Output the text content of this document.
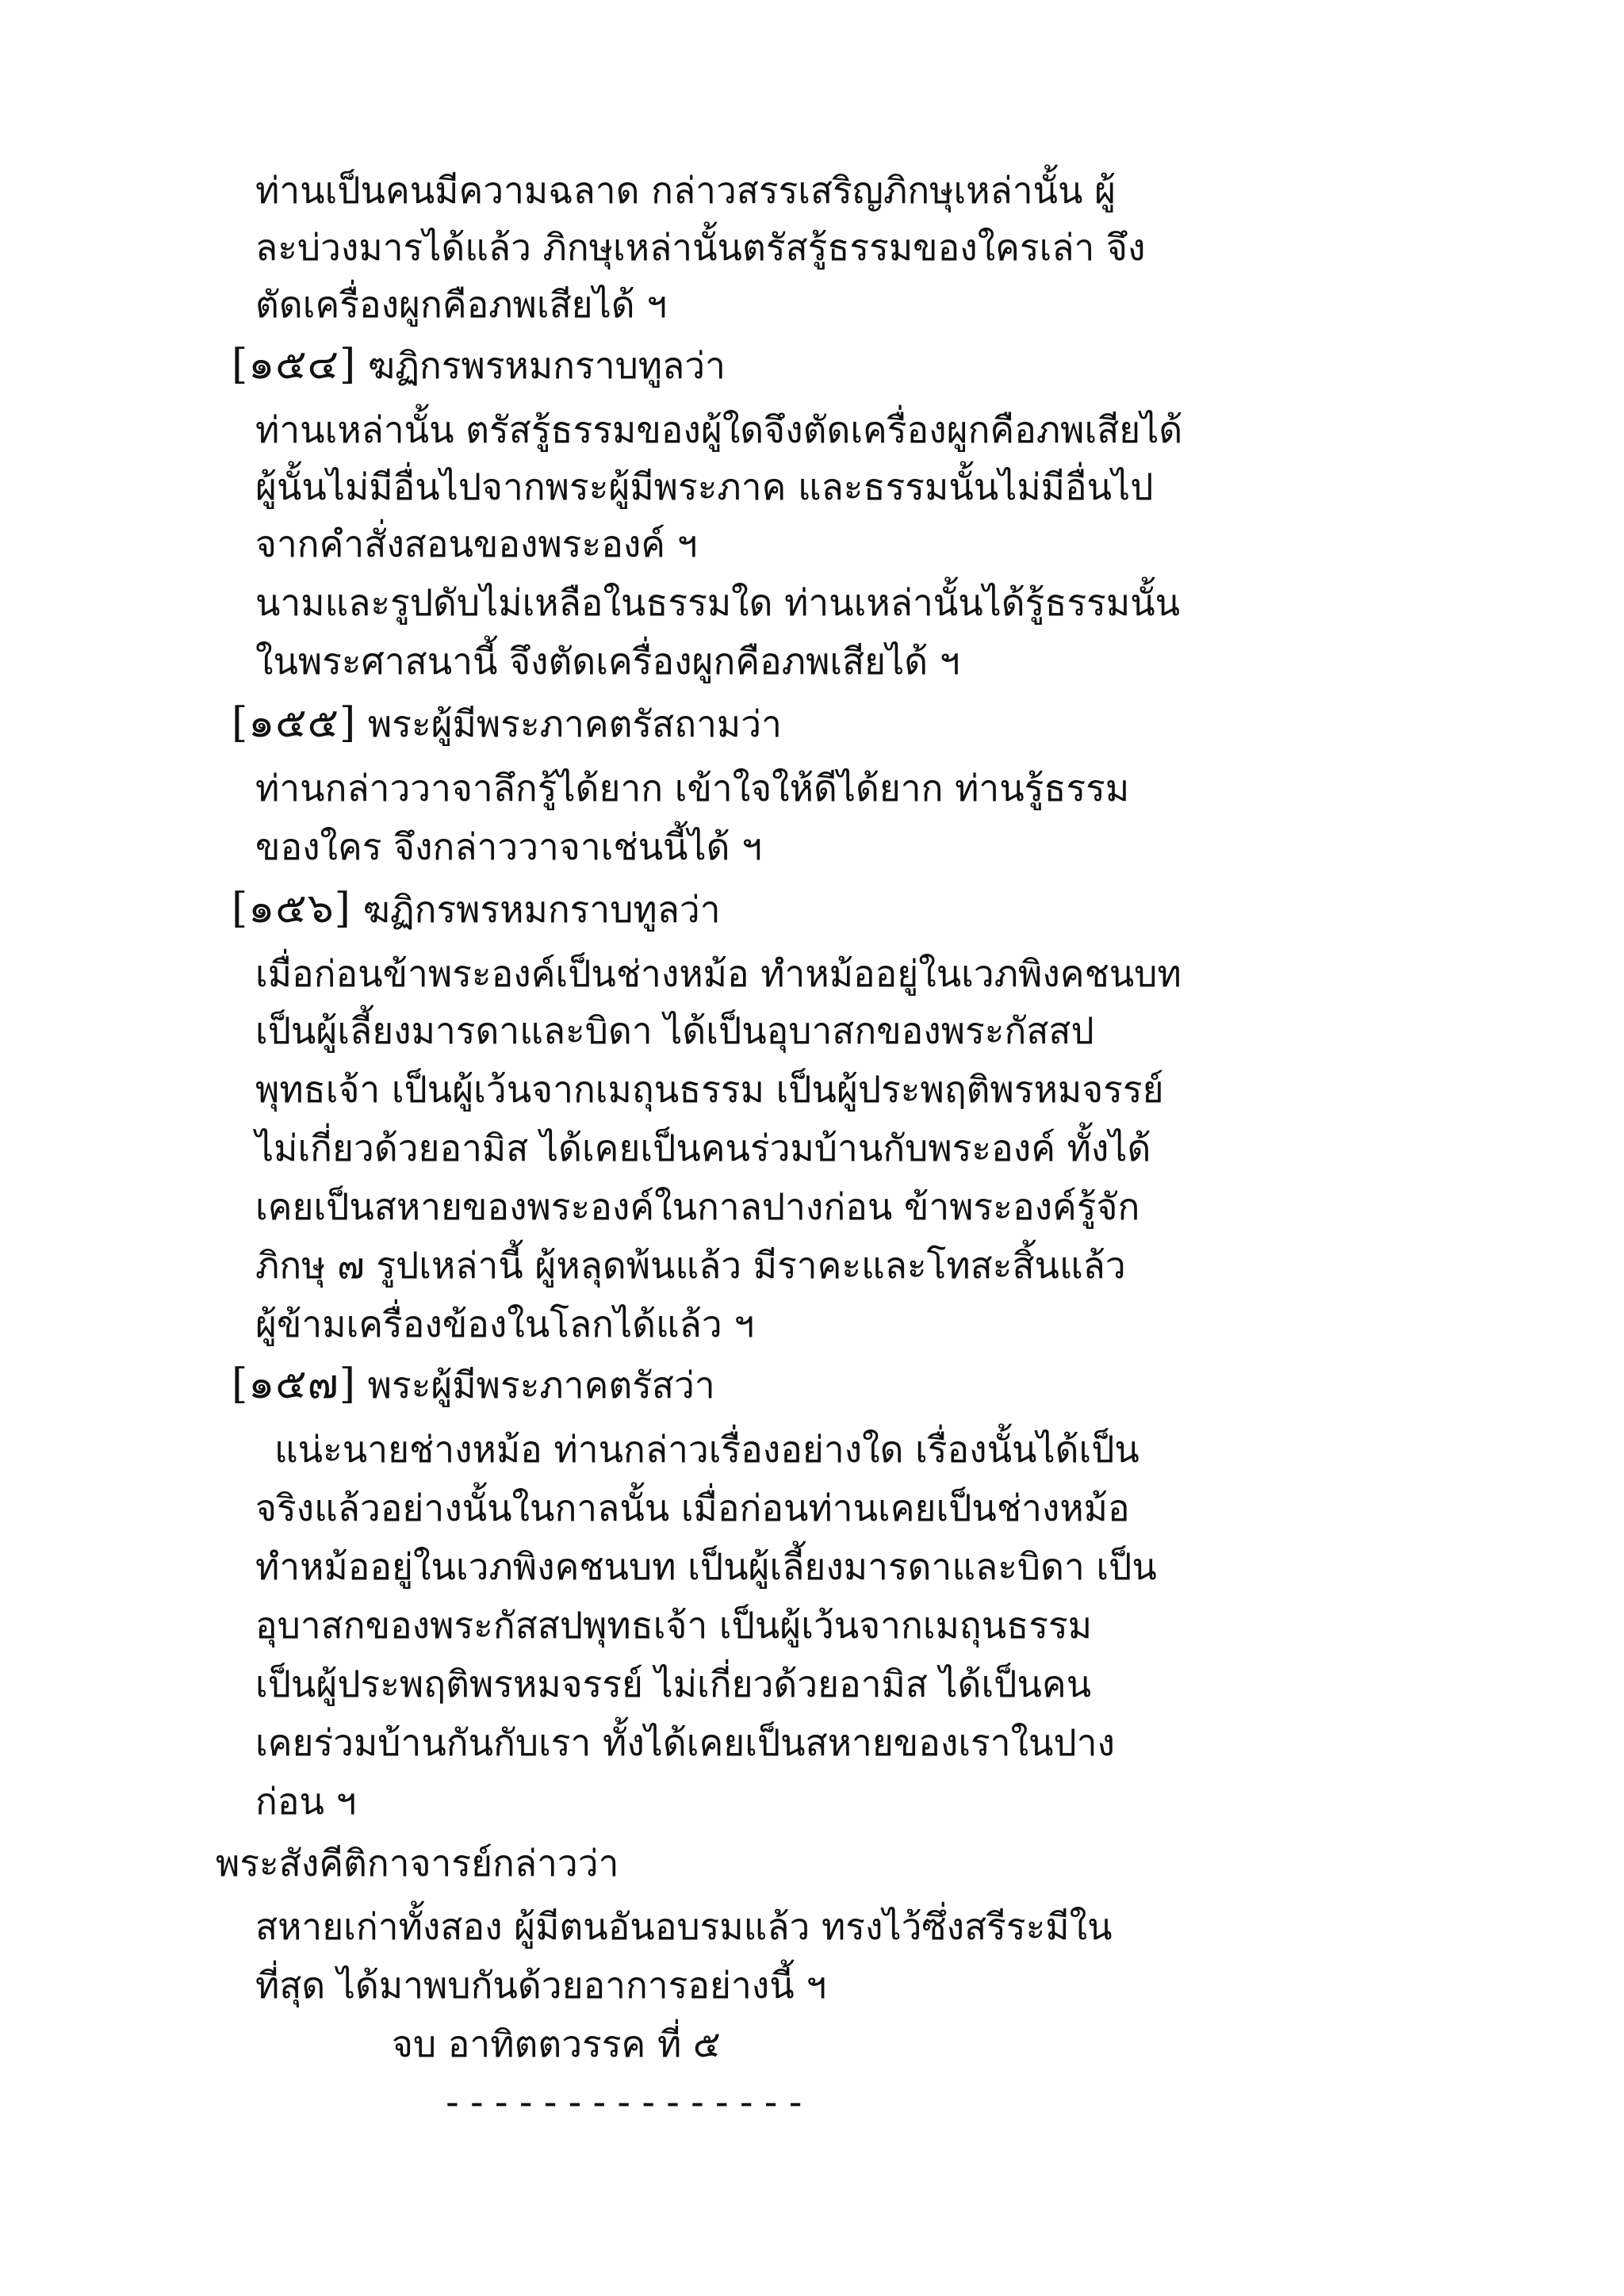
ท่านเป็นคนมีความฉลาด กล่าวสรรเสริญภิกษุเหล่านั้น ผู้
ละบ่วงมารได้แล้ว ภิกษุเหล่านั้นตรัสรู้ธรรมของใครเล่า จึง
ตัดเครื่องผูกคือภพเสียได้ ฯ
[๑๕๔] ฆฏิกรพรหมกราบทูลว่า
ท่านเหล่านั้น ตรัสรู้ธรรมของผู้ใดจึงตัดเครื่องผูกคือภพเสียได้
ผู้นั้นไม่มีอื่นไปจากพระผู้มีพระภาค และธรรมนั้นไม่มีอื่นไป
จากคำสั่งสอนของพระองค์ ฯ
นามและรูปดับไม่เหลือในธรรมใด ท่านเหล่านั้นได้รู้ธรรมนั้น
ในพระศาสนานี้ จึงตัดเครื่องผูกคือภพเสียได้ ฯ
[๑๕๕] พระผู้มีพระภาคตรัสถามว่า
ท่านกล่าววาจาลึกรู้ได้ยาก เข้าใจให้ดีได้ยาก ท่านรู้ธรรม
ของใคร จึงกล่าววาจาเช่นนี้ได้ ฯ
[๑๕๖] ฆฏิกรพรหมกราบทูลว่า
เมื่อก่อนข้าพระองค์เป็นช่างหม้อ ทำหม้ออยู่ในเวภพิงคชนบท
เป็นผู้เลี้ยงมารดาและบิดา ได้เป็นอุบาสกของพระกัสสป
พุทธเจ้า เป็นผู้เว้นจากเมถุนธรรม เป็นผู้ประพฤติพรหมจรรย์
ไม่เกี่ยวด้วยอามิส ได้เคยเป็นคนร่วมบ้านกับพระองค์ ทั้งได้
เคยเป็นสหายของพระองค์ในกาลปางก่อน ข้าพระองค์รู้จัก
ภิกษุ ๗ รูปเหล่านี้ ผู้หลุดพ้นแล้ว มีราคะและโทสะสิ้นแล้ว
ผู้ข้ามเครื่องข้องในโลกได้แล้ว ฯ
[๑๕๗] พระผู้มีพระภาคตรัสว่า
แน่ะนายช่างหม้อ ท่านกล่าวเรื่องอย่างใด เรื่องนั้นได้เป็น
จริงแล้วอย่างนั้นในกาลนั้น เมื่อก่อนท่านเคยเป็นช่างหม้อ
ทำหม้ออยู่ในเวภพิงคชนบท เป็นผู้เลี้ยงมารดาและบิดา เป็น
อุบาสกของพระกัสสปพุทธเจ้า เป็นผู้เว้นจากเมถุนธรรม
เป็นผู้ประพฤติพรหมจรรย์ ไม่เกี่ยวด้วยอามิส ได้เป็นคน
เคยร่วมบ้านกันกับเรา ทั้งได้เคยเป็นสหายของเราในปาง
ก่อน ฯ
พระสังคีติกาจารย์กล่าวว่า
สหายเก่าทั้งสอง ผู้มีตนอันอบรมแล้ว ทรงไว้ซึ่งสรีระมีใน
ที่สุด ได้มาพบกันด้วยอาการอย่างนี้ ฯ
จบ อาทิตตวรรค ที่ ๕
---------------
